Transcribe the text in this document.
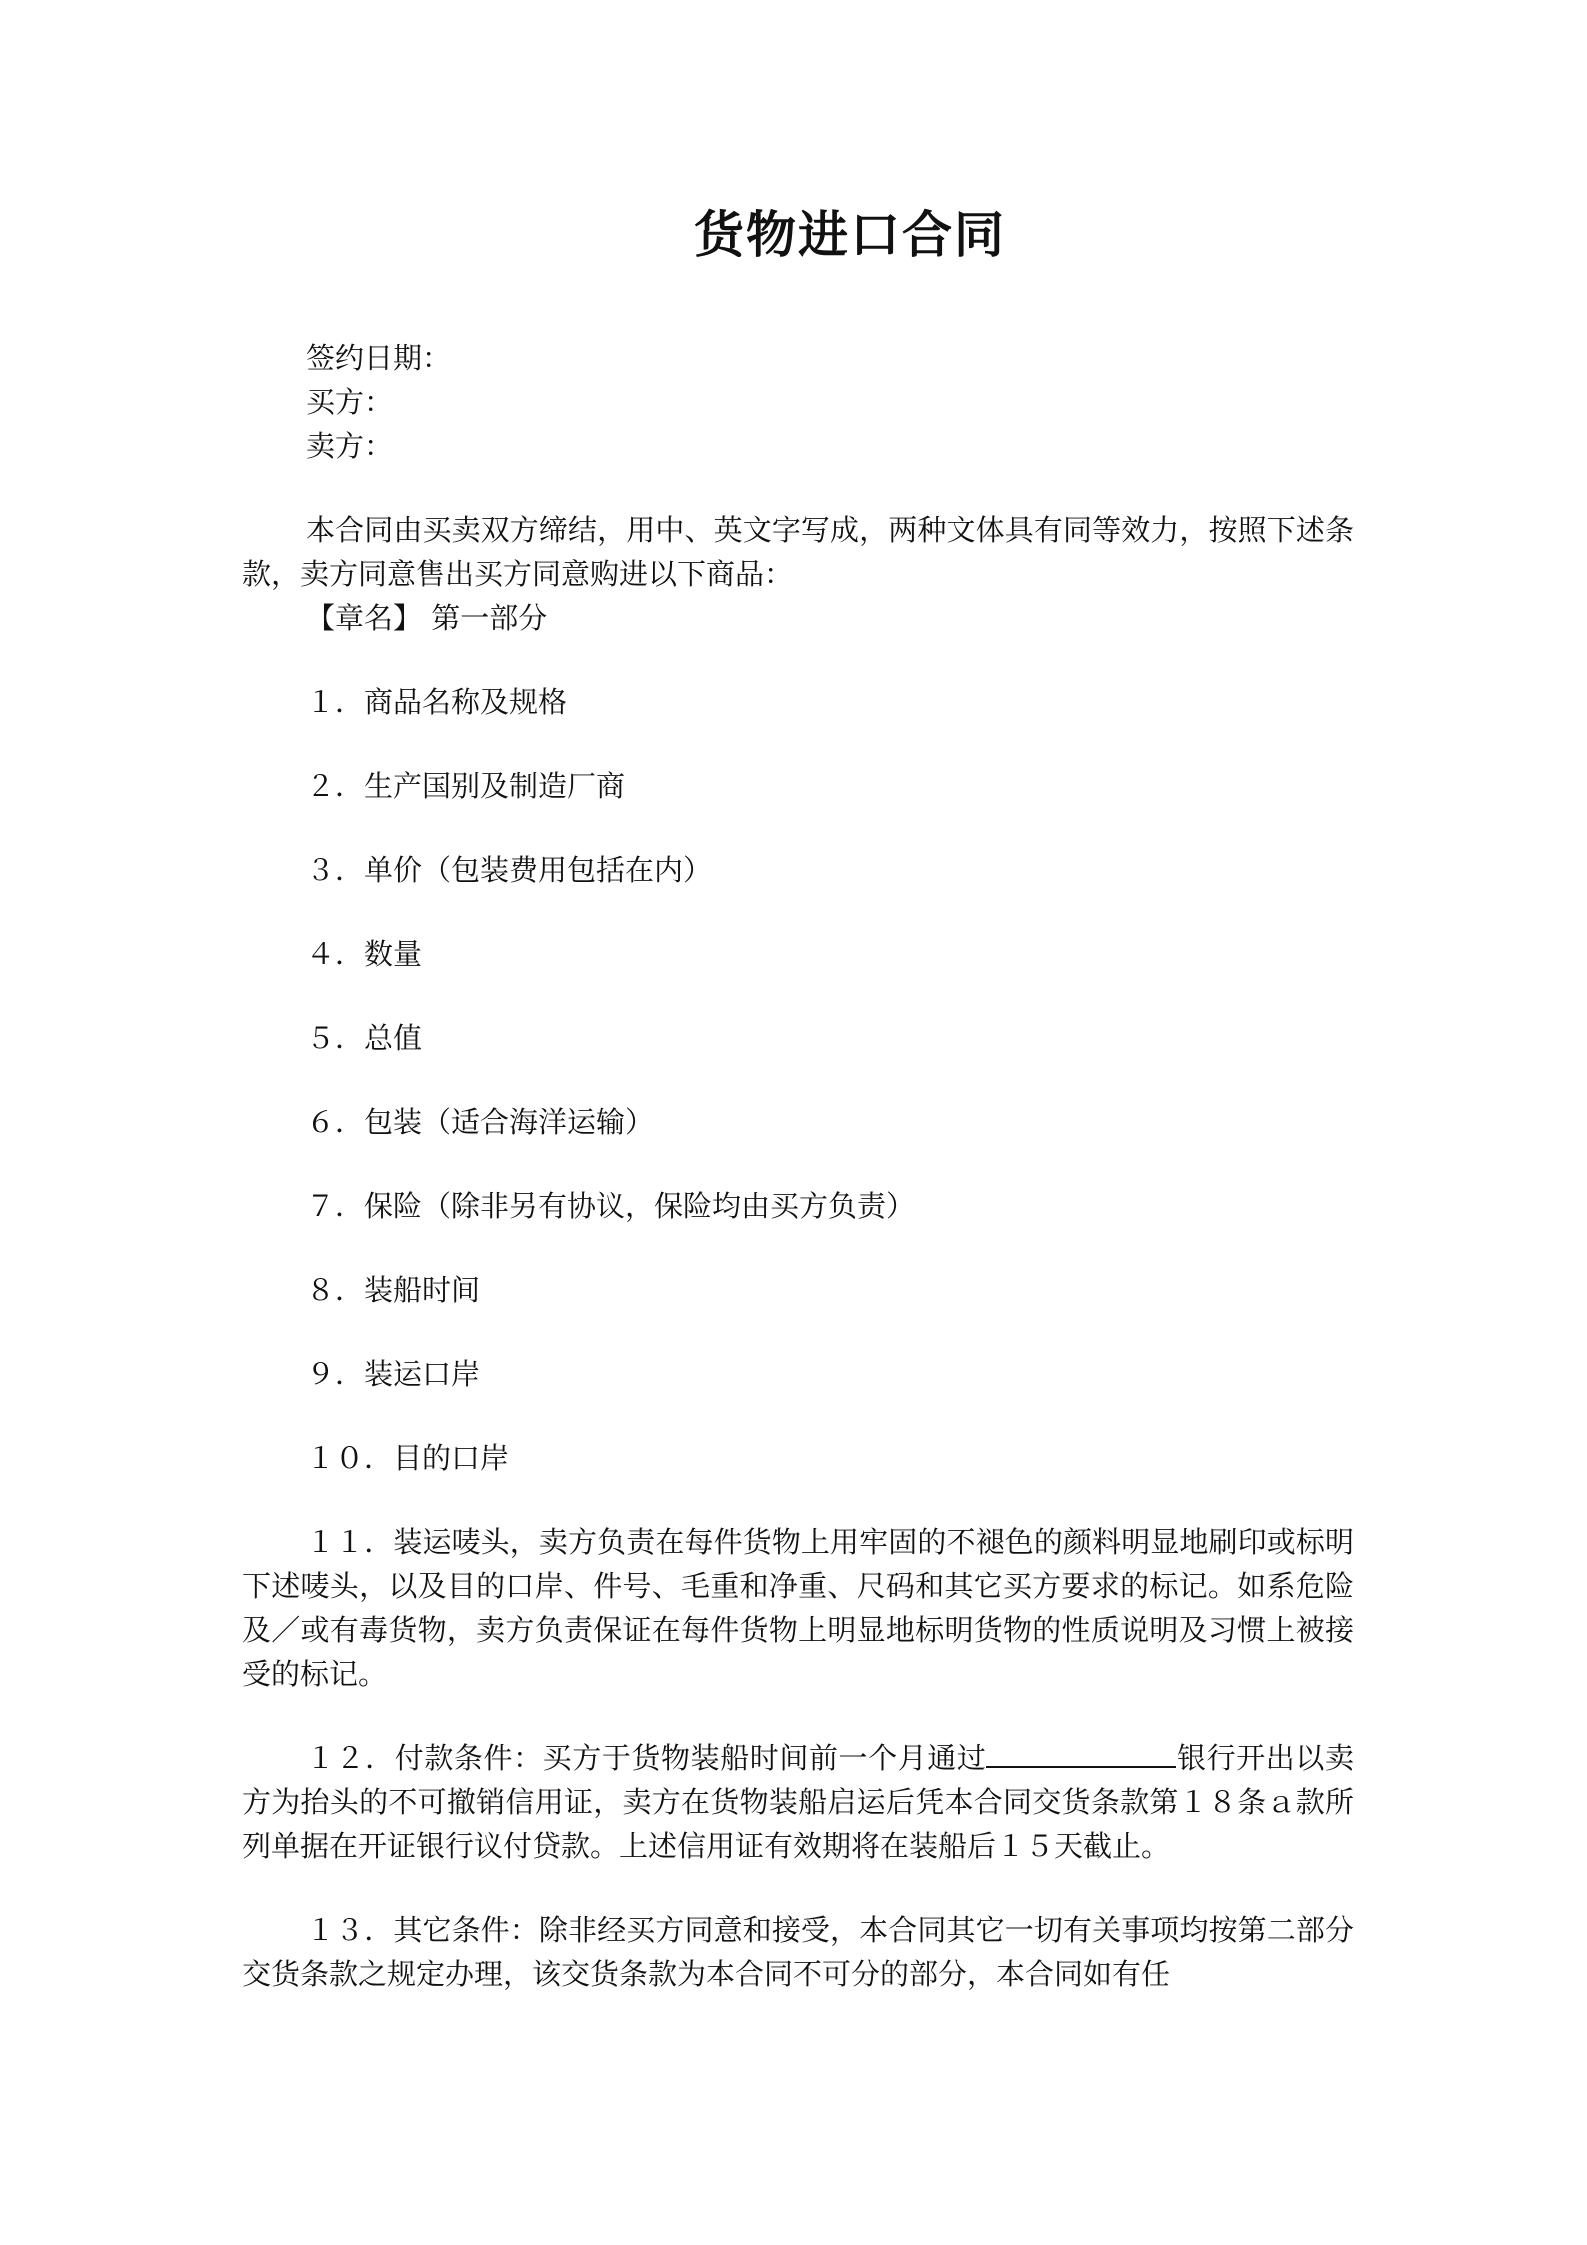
货物进口合同

签约日期：

买方：

卖方：

本合同由买卖双方缔结，用中、英文字写成，两种文体具有同等效力，按照下述条款，卖方同意售出买方同意购进以下商品：

【章名】 第一部分

１．商品名称及规格

２．生产国别及制造厂商

３．单价（包装费用包括在内）

４．数量

５．总值

６．包装（适合海洋运输）

７．保险（除非另有协议，保险均由买方负责）

８．装船时间

９．装运口岸

１０．目的口岸

１１．装运唛头，卖方负责在每件货物上用牢固的不褪色的颜料明显地刷印或标明下述唛头，以及目的口岸、件号、毛重和净重、尺码和其它买方要求的标记。如系危险及／或有毒货物，卖方负责保证在每件货物上明显地标明货物的性质说明及习惯上被接受的标记。

１２．付款条件：买方于货物装船时间前一个月通过	银行开出以卖方为抬头的不可撤销信用证，卖方在货物装船启运后凭本合同交货条款第１８条ａ款所列单据在开证银行议付贷款。上述信用证有效期将在装船后１５天截止。

１３．其它条件：除非经买方同意和接受，本合同其它一切有关事项均按第二部分交货条款之规定办理，该交货条款为本合同不可分的部分，本合同如有任
